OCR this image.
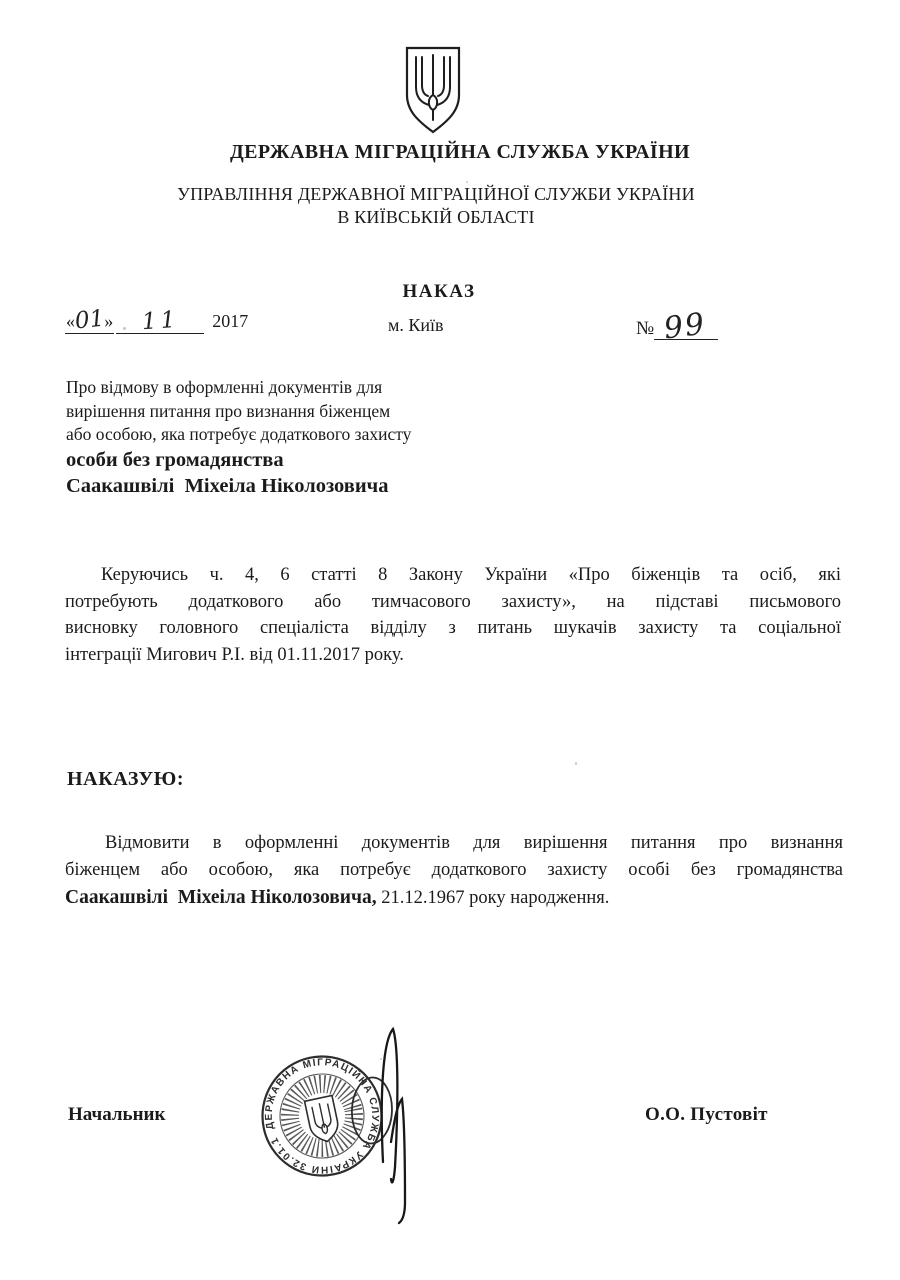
ДЕРЖАВНА МІГРАЦІЙНА СЛУЖБА УКРАЇНИ
УПРАВЛІННЯ ДЕРЖАВНОЇ МІГРАЦІЙНОЇ СЛУЖБИ УКРАЇНИ
В КИЇВСЬКІЙ ОБЛАСТІ
НАКАЗ
«01» 11 2017	м. Київ	№ 99
Про відмову в оформленні документів для
вирішення питання про визнання біженцем
або особою, яка потребує додаткового захисту
особи без громадянства
Саакашвілі  Міхеіла Ніколозовича
Керуючись ч. 4, 6 статті 8 Закону України «Про біженців та осіб, які
потребують додаткового або тимчасового захисту», на підставі письмового
висновку головного спеціаліста відділу з питань шукачів захисту та соціальної
інтеграції Мигович Р.І. від 01.11.2017 року.
НАКАЗУЮ:
Відмовити в оформленні документів для вирішення питання про визнання
біженцем або особою, яка потребує додаткового захисту особі без громадянства
Саакашвілі  Міхеіла Ніколозовича, 21.12.1967 року народження.
Начальник	О.О. Пустовіт
ДЕРЖАВНА МІГРАЦІЙНА СЛУЖБА УКРАЇНИ 32.01.1
